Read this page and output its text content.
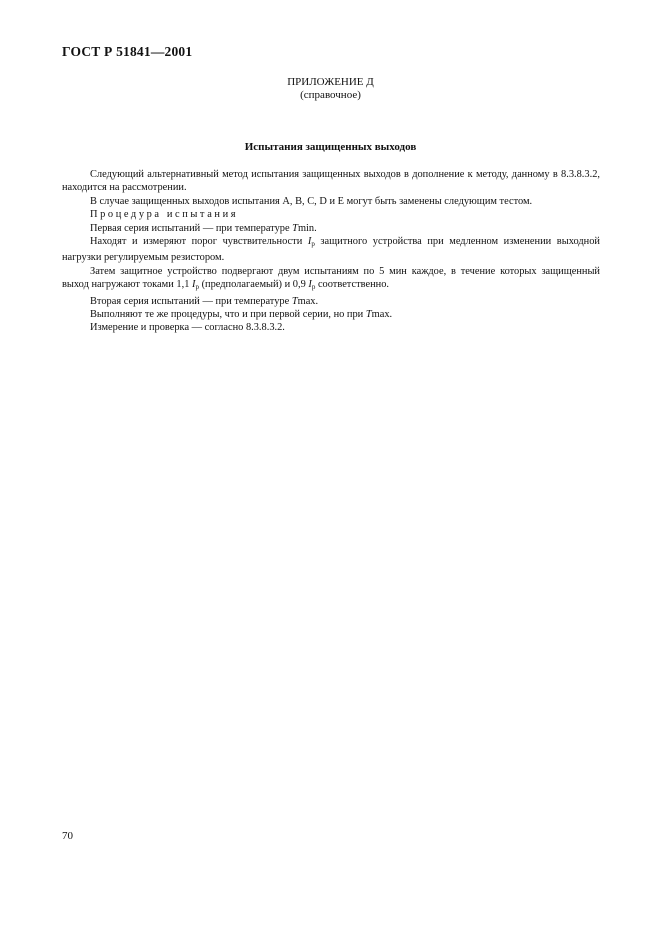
ГОСТ Р 51841—2001
ПРИЛОЖЕНИЕ Д
(справочное)
Испытания защищенных выходов

Следующий альтернативный метод испытания защищенных выходов в дополнение к методу, данному в 8.3.8.3.2, находится на рассмотрении.

В случае защищенных выходов испытания A, B, C, D и E могут быть заменены следующим тестом.

Процедура испытания

Первая серия испытаний — при температуре Tmin.

Находят и измеряют порог чувствительности $I_p$ защитного устройства при медленном изменении выходной нагрузки регулируемым резистором.

Затем защитное устройство подвергают двум испытаниям по 5 мин каждое, в течение которых защищенный выход нагружают токами 1,1 $I_p$ (предполагаемый) и 0,9 $I_p$ соответственно.

Вторая серия испытаний — при температуре Tmax.

Выполняют те же процедуры, что и при первой серии, но при Tmax.

Измерение и проверка — согласно 8.3.8.3.2.

70
